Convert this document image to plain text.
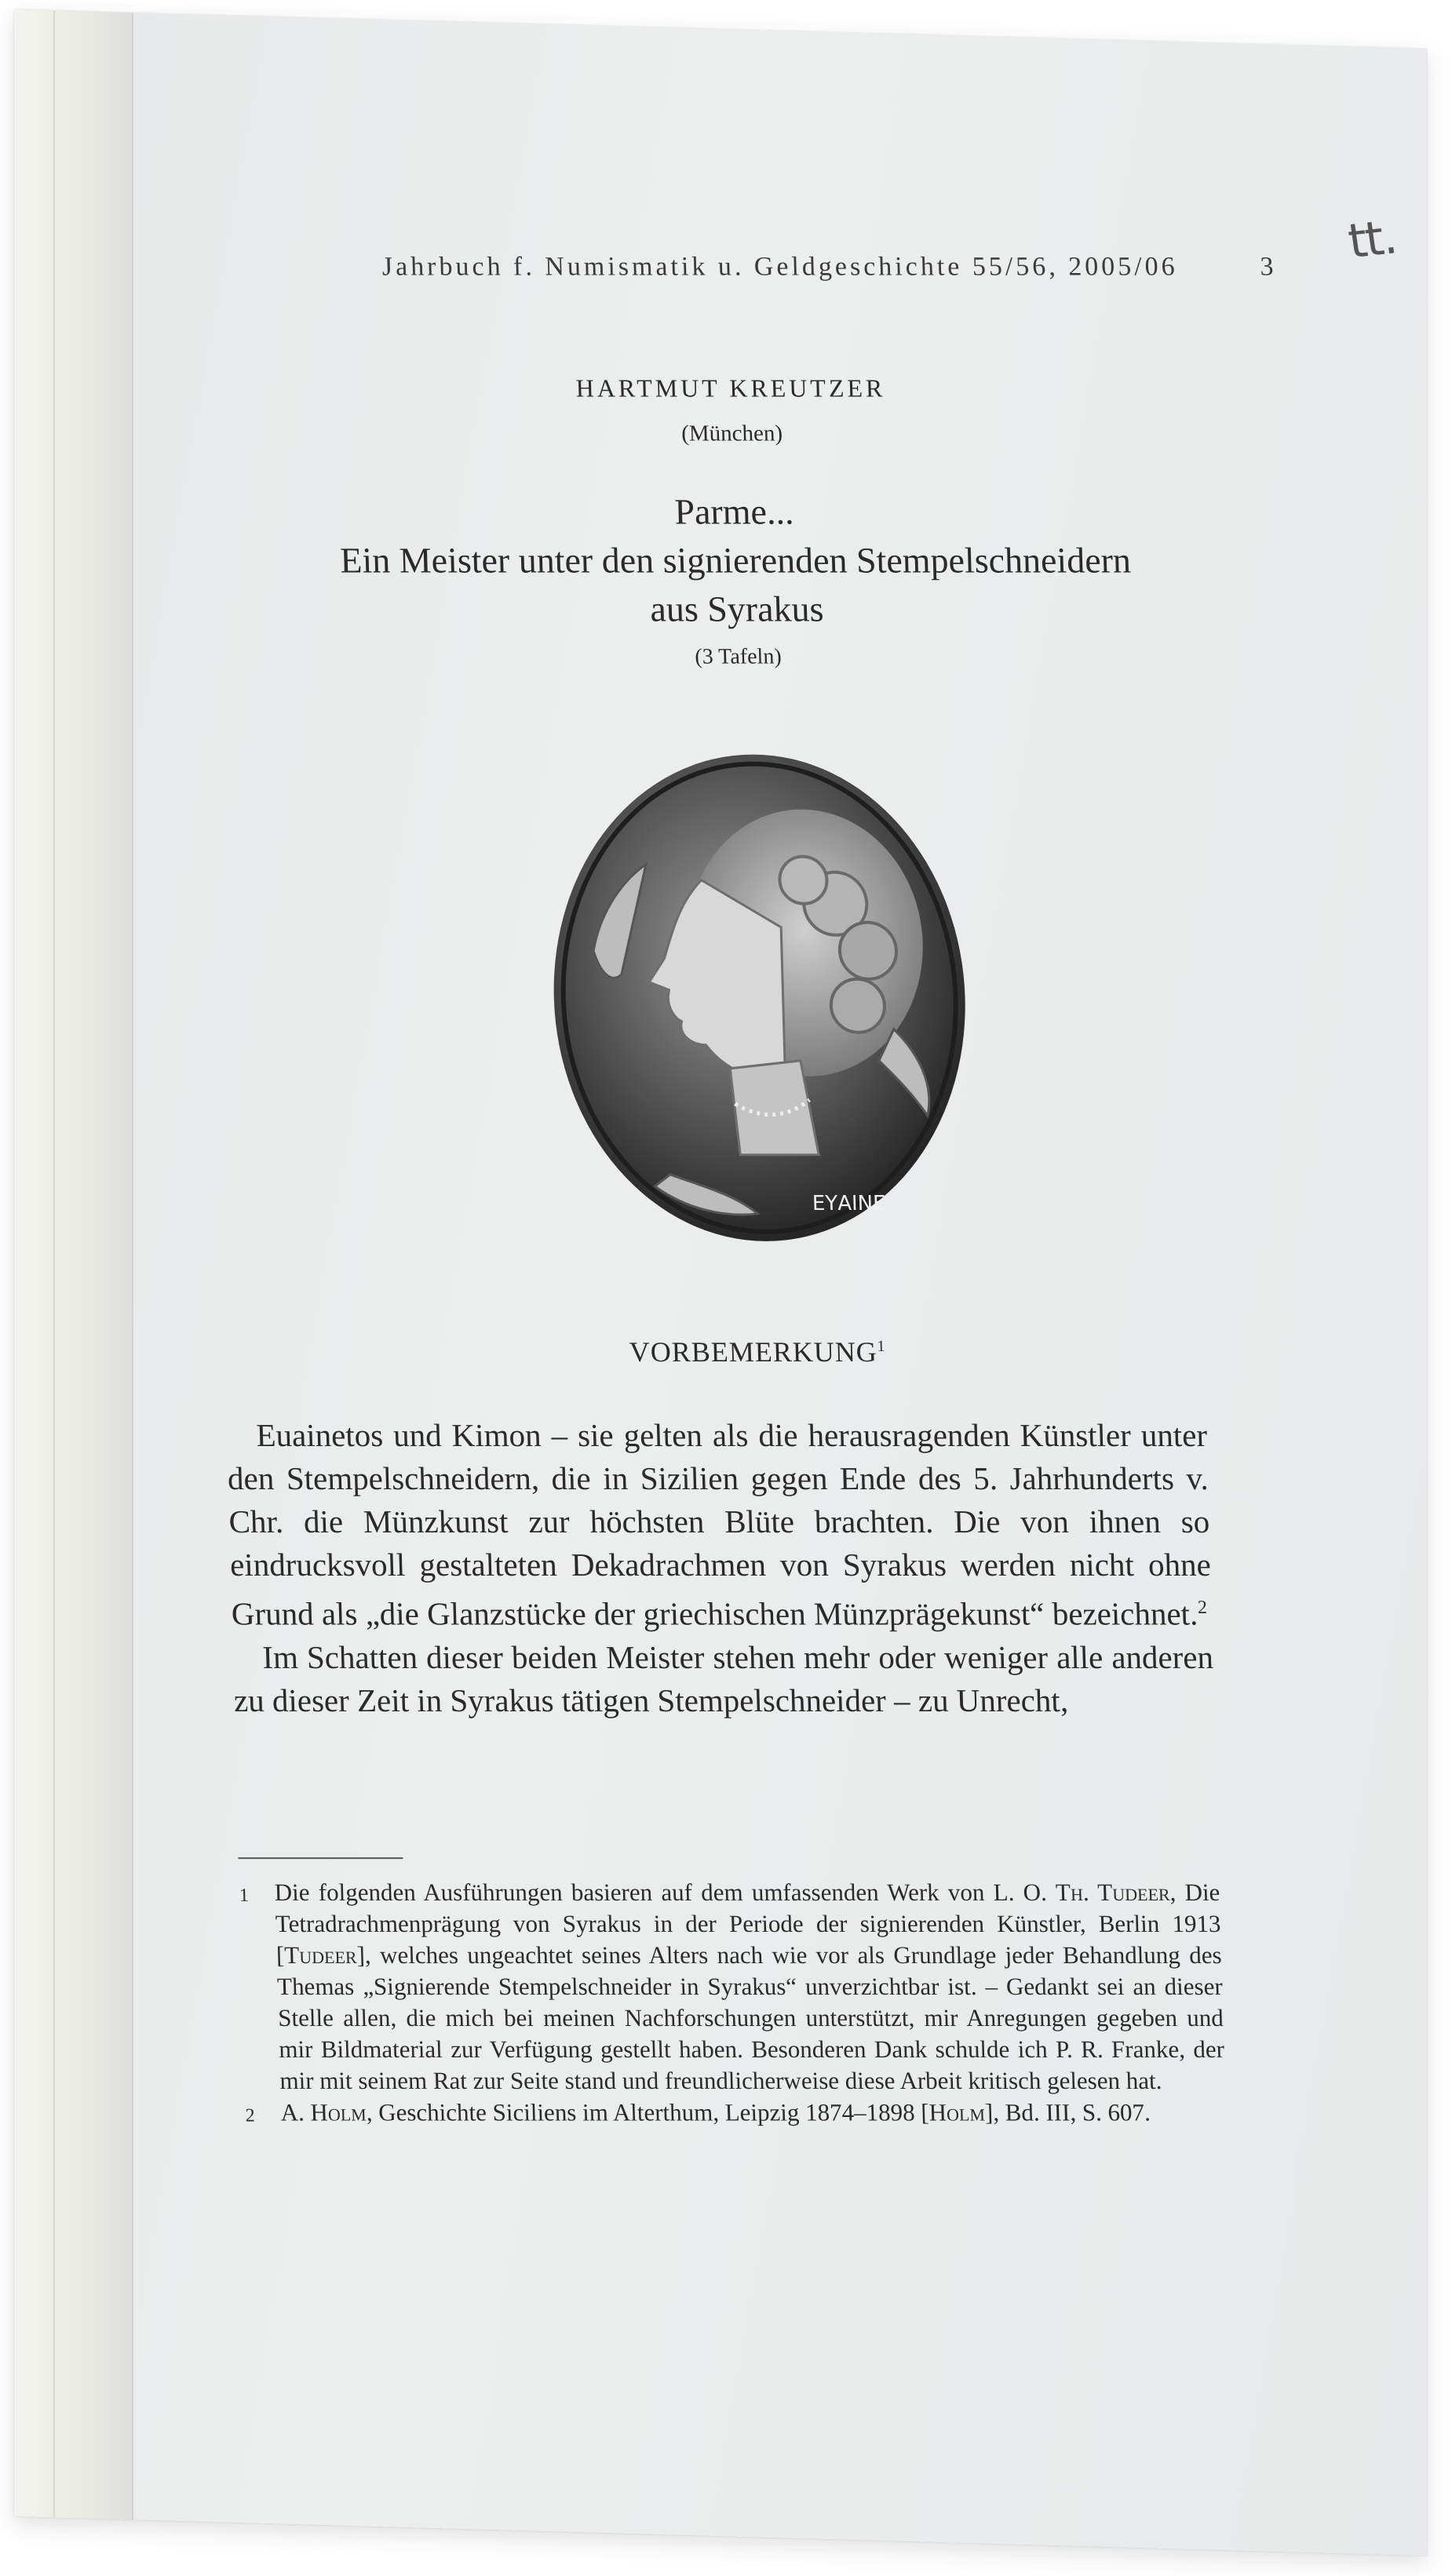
tt.
Jahrbuch f. Numismatik u. Geldgeschichte 55/56, 2005/06	3
HARTMUT KREUTZER
(München)
Parme...
Ein Meister unter den signierenden Stempelschneidern
aus Syrakus
(3 Tafeln)
ΕΥΑΙΝΕ
VORBEMERKUNG$^1$

Euainetos und Kimon – sie gelten als die herausragenden Künstler unter den Stempelschneidern, die in Sizilien gegen Ende des 5. Jahrhunderts v. Chr. die Münzkunst zur höchsten Blüte brachten. Die von ihnen so eindrucksvoll gestalteten Dekadrachmen von Syrakus werden nicht ohne Grund als „die Glanzstücke der griechischen Münzprägekunst“ bezeichnet.$^2$

Im Schatten dieser beiden Meister stehen mehr oder weniger alle anderen zu dieser Zeit in Syrakus tätigen Stempelschneider – zu Unrecht,

1	Die folgenden Ausführungen basieren auf dem umfassenden Werk von L. O. Th. Tudeer, Die Tetradrachmenprägung von Syrakus in der Periode der signierenden Künstler, Berlin 1913 [Tudeer], welches ungeachtet seines Alters nach wie vor als Grundlage jeder Behandlung des Themas „Signierende Stempelschneider in Syrakus“ unverzichtbar ist. – Gedankt sei an dieser Stelle allen, die mich bei meinen Nachforschungen unterstützt, mir Anregungen gegeben und mir Bildmaterial zur Verfügung gestellt haben. Besonderen Dank schulde ich P. R. Franke, der mir mit seinem Rat zur Seite stand und freundlicherweise diese Arbeit kritisch gelesen hat.
2	A. Holm, Geschichte Siciliens im Alterthum, Leipzig 1874–1898 [Holm], Bd. III, S. 607.
